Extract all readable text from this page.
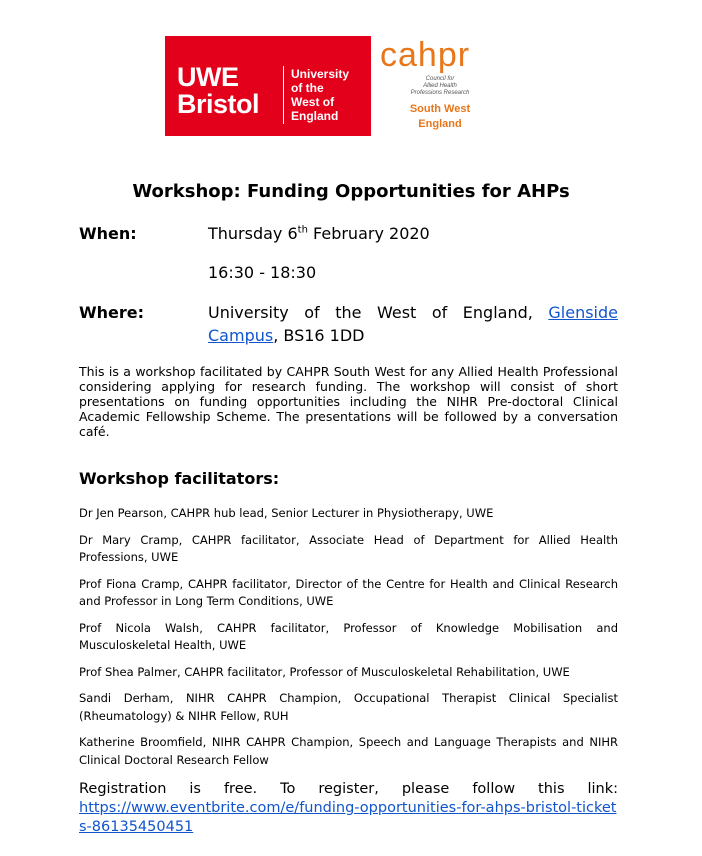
UWE
Bristol
University
of the
West of
England
cahpr
Council for
Allied Health
Professions Research
South West
England
Workshop: Funding Opportunities for AHPs
When:	Thursday 6th February 2020
16:30 - 18:30
Where:	University of the West of England, Glenside
Campus, BS16 1DD
This is a workshop facilitated by CAHPR South West for any Allied Health Professional considering applying for research funding. The workshop will consist of short presentations on funding opportunities including the NIHR Pre-doctoral Clinical Academic Fellowship Scheme. The presentations will be followed by a conversation café.
Workshop facilitators:
Dr Jen Pearson, CAHPR hub lead, Senior Lecturer in Physiotherapy, UWE
Dr Mary Cramp, CAHPR facilitator, Associate Head of Department for Allied Health Professions, UWE
Prof Fiona Cramp, CAHPR facilitator, Director of the Centre for Health and Clinical Research and Professor in Long Term Conditions, UWE
Prof Nicola Walsh, CAHPR facilitator, Professor of Knowledge Mobilisation and Musculoskeletal Health, UWE
Prof Shea Palmer, CAHPR facilitator, Professor of Musculoskeletal Rehabilitation, UWE
Sandi Derham, NIHR CAHPR Champion, Occupational Therapist Clinical Specialist (Rheumatology) & NIHR Fellow, RUH
Katherine Broomfield, NIHR CAHPR Champion, Speech and Language Therapists and NIHR Clinical Doctoral Research Fellow
Registration is free. To register, please follow this link:
https://www.eventbrite.com/e/funding-opportunities-for-ahps-bristol-tickets-86135450451
